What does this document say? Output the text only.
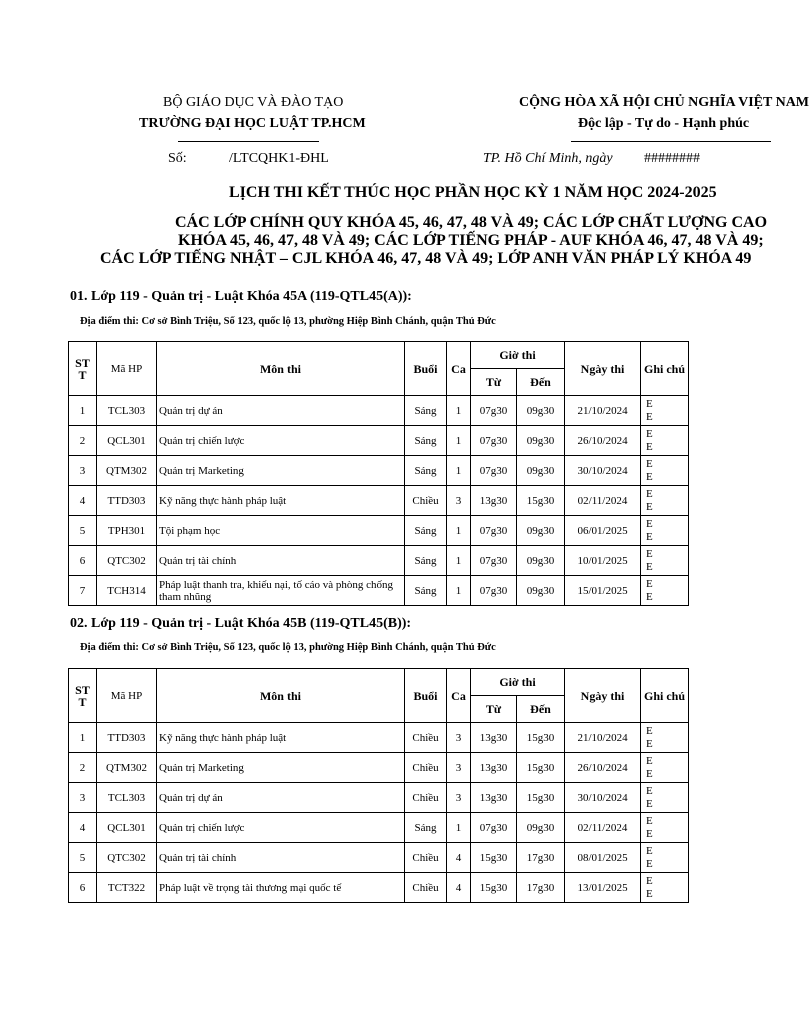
BỘ GIÁO DỤC VÀ ĐÀO TẠO
TRƯỜNG ĐẠI HỌC LUẬT TP.HCM
CỘNG HÒA XÃ HỘI CHỦ NGHĨA VIỆT NAM
Độc lập - Tự do - Hạnh phúc
Số:	/LTCQHK1-ĐHL	TP. Hồ Chí Minh, ngày ########
LỊCH THI KẾT THÚC HỌC PHẦN HỌC KỲ 1 NĂM HỌC 2024-2025
CÁC LỚP CHÍNH QUY KHÓA 45, 46, 47, 48 VÀ 49; CÁC LỚP CHẤT LƯỢNG CAO
KHÓA 45, 46, 47, 48 VÀ 49; CÁC LỚP TIẾNG PHÁP - AUF KHÓA 46, 47, 48 VÀ 49;
CÁC LỚP TIẾNG NHẬT – CJL KHÓA 46, 47, 48 VÀ 49; LỚP ANH VĂN PHÁP LÝ KHÓA 49
01. Lớp 119 - Quản trị - Luật Khóa 45A (119-QTL45(A)):
Địa điểm thi: Cơ sở Bình Triệu, Số 123, quốc lộ 13, phường Hiệp Bình Chánh, quận Thủ Đức
ST T	Mã HP	Môn thi	Buổi	Ca	Giờ thi		Ngày thi	Ghi chú
					Từ	Đến		
1	TCL303	Quản trị dự án	Sáng	1	07g30	09g30	21/10/2024	E
E
2	QCL301	Quản trị chiến lược	Sáng	1	07g30	09g30	26/10/2024	E
E
3	QTM302	Quản trị Marketing	Sáng	1	07g30	09g30	30/10/2024	E
E
4	TTD303	Kỹ năng thực hành pháp luật	Chiều	3	13g30	15g30	02/11/2024	E
E
5	TPH301	Tội phạm học	Sáng	1	07g30	09g30	06/01/2025	E
E
6	QTC302	Quản trị tài chính	Sáng	1	07g30	09g30	10/01/2025	E
E
7	TCH314	Pháp luật thanh tra, khiếu nại, tố cáo và phòng chống tham nhũng	Sáng	1	07g30	09g30	15/01/2025	E
E
02. Lớp 119 - Quản trị - Luật Khóa 45B (119-QTL45(B)):
Địa điểm thi: Cơ sở Bình Triệu, Số 123, quốc lộ 13, phường Hiệp Bình Chánh, quận Thủ Đức
ST T	Mã HP	Môn thi	Buổi	Ca	Giờ thi		Ngày thi	Ghi chú
					Từ	Đến		
1	TTD303	Kỹ năng thực hành pháp luật	Chiều	3	13g30	15g30	21/10/2024	E
E
2	QTM302	Quản trị Marketing	Chiều	3	13g30	15g30	26/10/2024	E
E
3	TCL303	Quản trị dự án	Chiều	3	13g30	15g30	30/10/2024	E
E
4	QCL301	Quản trị chiến lược	Sáng	1	07g30	09g30	02/11/2024	E
E
5	QTC302	Quản trị tài chính	Chiều	4	15g30	17g30	08/01/2025	E
E
6	TCT322	Pháp luật về trọng tài thương mại quốc tế	Chiều	4	15g30	17g30	13/01/2025	E
E
